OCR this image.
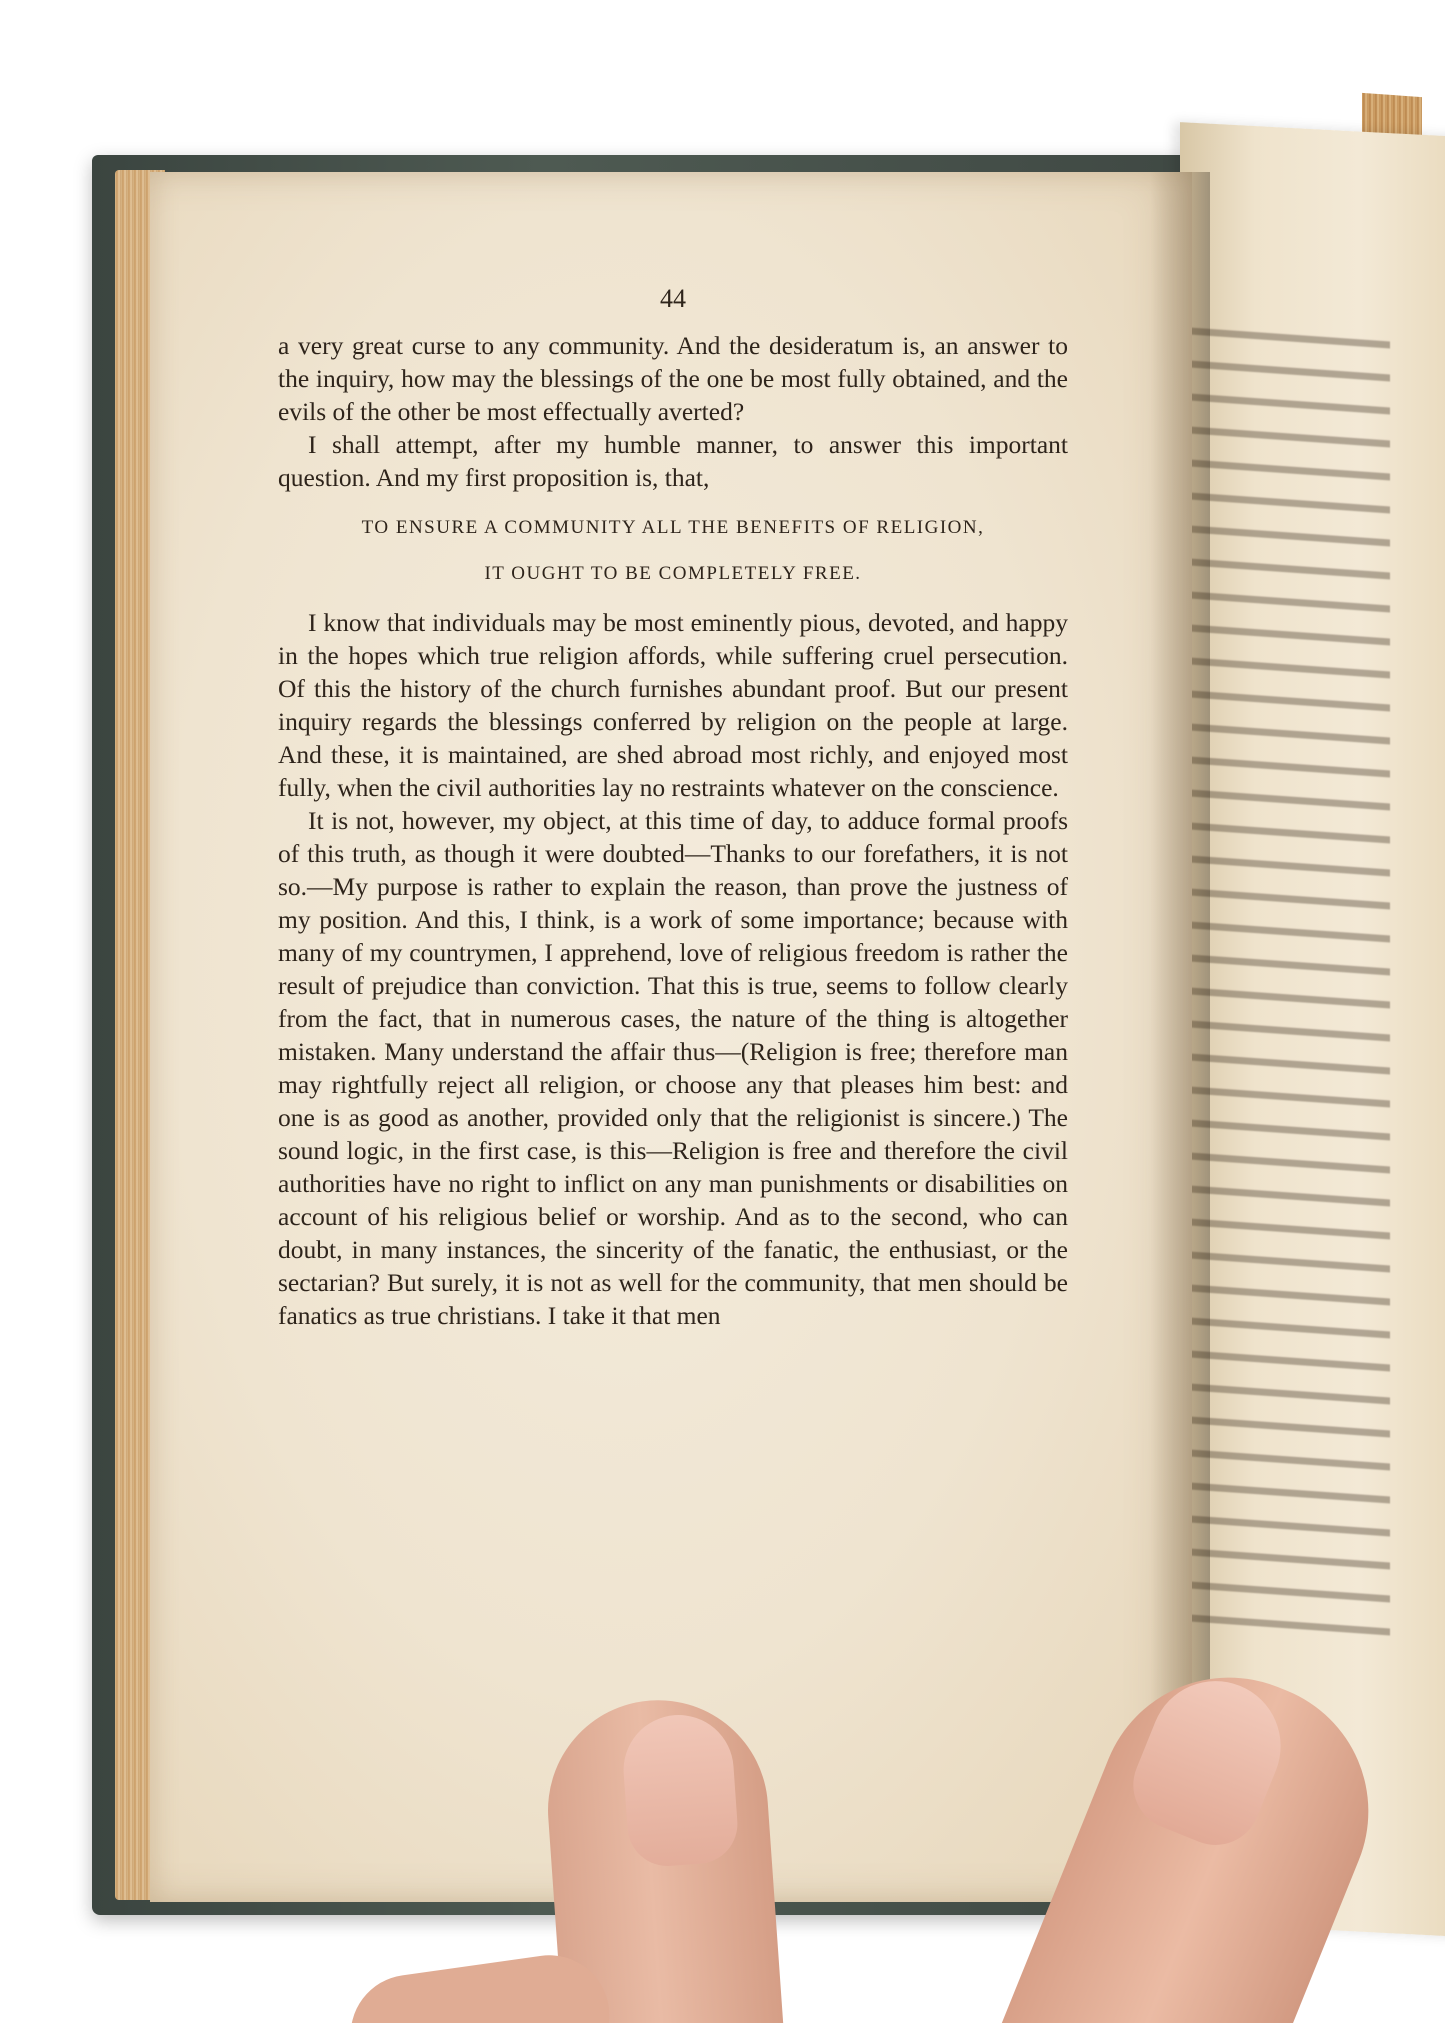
44

a very great curse to any community. And the desideratum is, an answer to the inquiry, how may the blessings of the one be most fully obtained, and the evils of the other be most effectually averted?

I shall attempt, after my humble manner, to answer this important question. And my first proposition is, that,

TO ENSURE A COMMUNITY ALL THE BENEFITS OF RELIGION,
IT OUGHT TO BE COMPLETELY FREE.

I know that individuals may be most eminently pious, devoted, and happy in the hopes which true religion affords, while suffering cruel persecution. Of this the history of the church furnishes abundant proof. But our present inquiry regards the blessings conferred by religion on the people at large. And these, it is maintained, are shed abroad most richly, and enjoyed most fully, when the civil authorities lay no restraints whatever on the conscience.

It is not, however, my object, at this time of day, to adduce formal proofs of this truth, as though it were doubted—Thanks to our forefathers, it is not so.—My purpose is rather to explain the reason, than prove the justness of my position. And this, I think, is a work of some importance; because with many of my countrymen, I apprehend, love of religious freedom is rather the result of prejudice than conviction. That this is true, seems to follow clearly from the fact, that in numerous cases, the nature of the thing is altogether mistaken. Many understand the affair thus—(Religion is free; therefore man may rightfully reject all religion, or choose any that pleases him best: and one is as good as another, provided only that the religionist is sincere.) The sound logic, in the first case, is this—Religion is free and therefore the civil authorities have no right to inflict on any man punishments or disabilities on account of his religious belief or worship. And as to the second, who can doubt, in many instances, the sincerity of the fanatic, the enthusiast, or the sectarian? But surely, it is not as well for the community, that men should be fanatics as true christians. I take it that men
